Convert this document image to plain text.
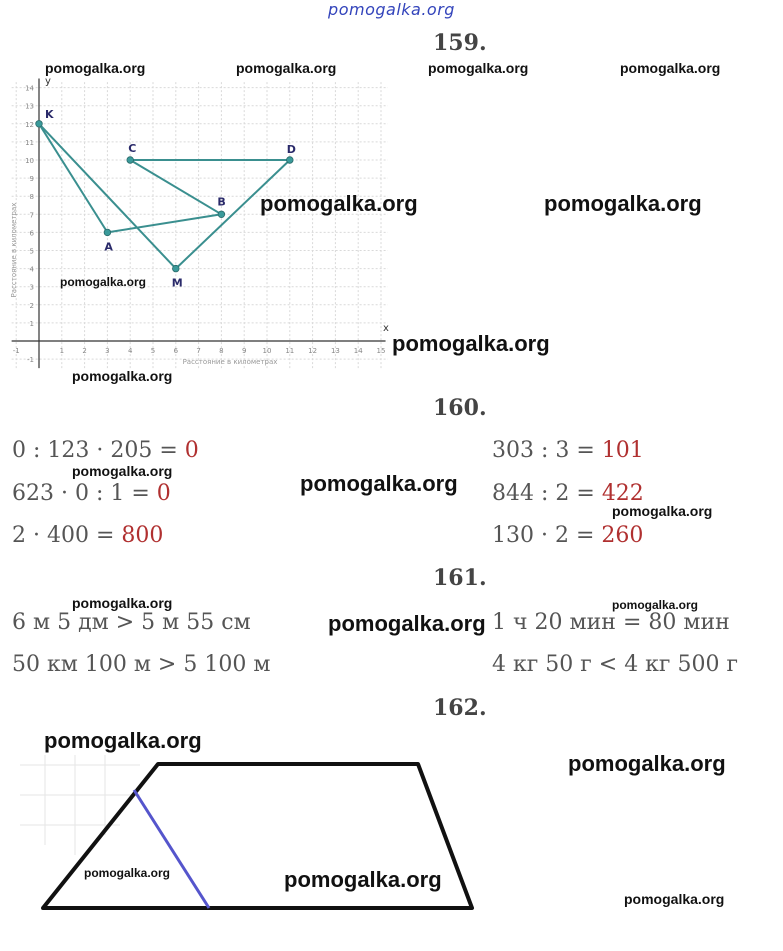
pomogalka.org
159.
160.
161.
162.
-1	1	2	3	4	5	6	7	8	9 10 11 12 13 14 15
-1
1
2
3
4
5
6
7
8
9
10
11
12
13
14
K
A
B
C	D
M
Расстояние в километрах
Расстояние в километрах
x
y
0 : 123 · 205 = 0
623 · 0 : 1 = 0
2 · 400 = 800
303 : 3 = 101
844 : 2 = 422
130 · 2 = 260
6 м 5 дм > 5 м 55 см
50 км 100 м > 5 100 м
1 ч 20 мин = 80 мин
4 кг 50 г < 4 кг 500 г
pomogalka.org	pomogalka.org	pomogalka.org	pomogalka.org
pomogalka.org	pomogalka.org
pomogalka.org
pomogalka.org
pomogalka.org
pomogalka.org	pomogalka.org
pomogalka.org
pomogalka.org
pomogalka.org
pomogalka.org
pomogalka.org
pomogalka.org
pomogalka.org	pomogalka.org
pomogalka.org
